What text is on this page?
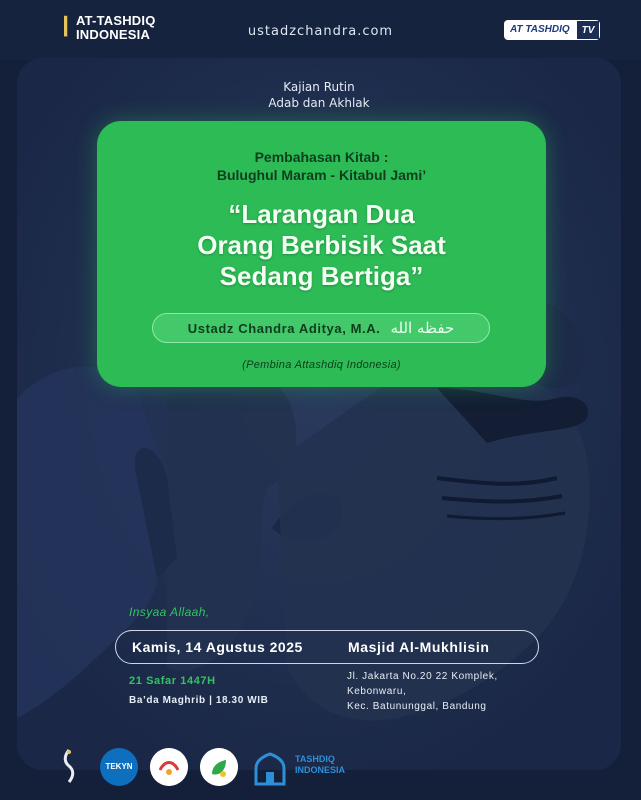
ﺍ AT-TASHDIQ
INDONESIA	ustadzchandra.com	AT TASHDIQ	TV
Kajian Rutin
Adab dan Akhlak
Pembahasan Kitab :
Bulughul Maram - Kitabul Jami’
“Larangan Dua
Orang Berbisik Saat
Sedang Bertiga”
Ustadz Chandra Aditya, M.A. حفظه الله
(Pembina Attashdiq Indonesia)
Insyaa Allaah,
Kamis, 14 Agustus 2025	Masjid Al-Mukhlisin
21 Safar 1447H
Ba’da Maghrib | 18.30 WIB
Jl. Jakarta No.20 22 Komplek,
Kebonwaru,
Kec. Batununggal, Bandung
TEKYN
TASHDIQ
INDONESIA
